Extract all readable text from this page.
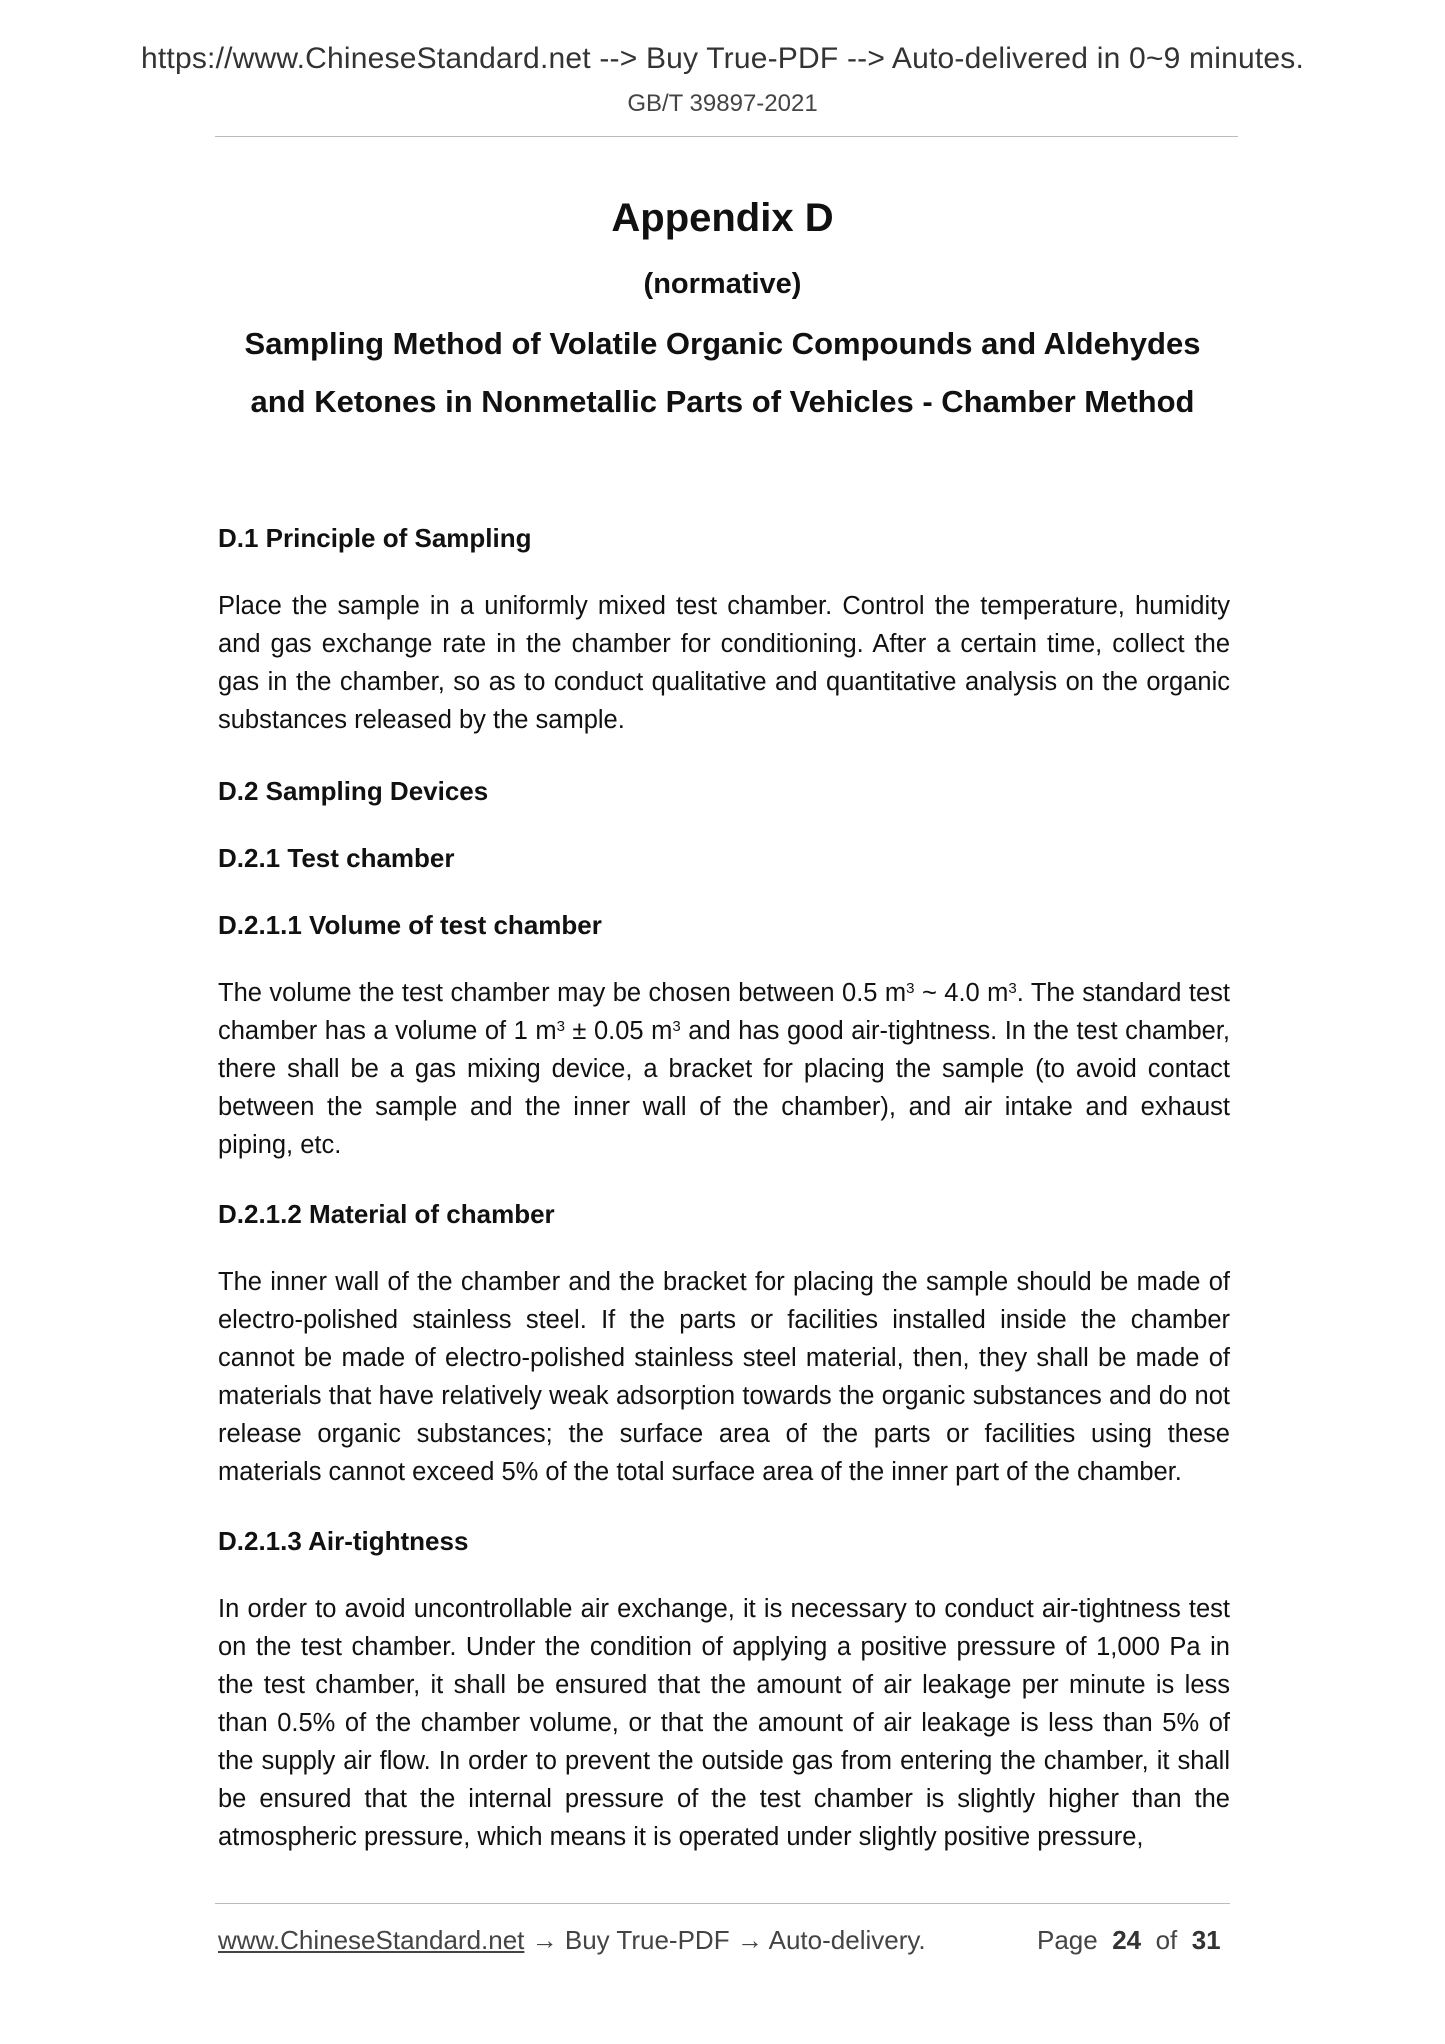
https://www.ChineseStandard.net --> Buy True-PDF --> Auto-delivered in 0~9 minutes.
GB/T 39897-2021
Appendix D
(normative)
Sampling Method of Volatile Organic Compounds and Aldehydes
and Ketones in Nonmetallic Parts of Vehicles - Chamber Method
D.1 Principle of Sampling
Place the sample in a uniformly mixed test chamber. Control the temperature, humidity and gas exchange rate in the chamber for conditioning. After a certain time, collect the gas in the chamber, so as to conduct qualitative and quantitative analysis on the organic substances released by the sample.
D.2 Sampling Devices
D.2.1 Test chamber
D.2.1.1 Volume of test chamber
The volume the test chamber may be chosen between 0.5 $m^3$ ~ 4.0 $m^3$. The standard test chamber has a volume of 1 $m^3 \pm 0.05$ $m^3$ and has good air-tightness. In the test chamber, there shall be a gas mixing device, a bracket for placing the sample (to avoid contact between the sample and the inner wall of the chamber), and air intake and exhaust piping, etc.
D.2.1.2 Material of chamber
The inner wall of the chamber and the bracket for placing the sample should be made of electro-polished stainless steel. If the parts or facilities installed inside the chamber cannot be made of electro-polished stainless steel material, then, they shall be made of materials that have relatively weak adsorption towards the organic substances and do not release organic substances; the surface area of the parts or facilities using these materials cannot exceed 5% of the total surface area of the inner part of the chamber.
D.2.1.3 Air-tightness
In order to avoid uncontrollable air exchange, it is necessary to conduct air-tightness test on the test chamber. Under the condition of applying a positive pressure of 1,000 Pa in the test chamber, it shall be ensured that the amount of air leakage per minute is less than 0.5% of the chamber volume, or that the amount of air leakage is less than 5% of the supply air flow. In order to prevent the outside gas from entering the chamber, it shall be ensured that the internal pressure of the test chamber is slightly higher than the atmospheric pressure, which means it is operated under slightly positive pressure,
www.ChineseStandard.net → Buy True-PDF → Auto-delivery.	Page 24 of 31
